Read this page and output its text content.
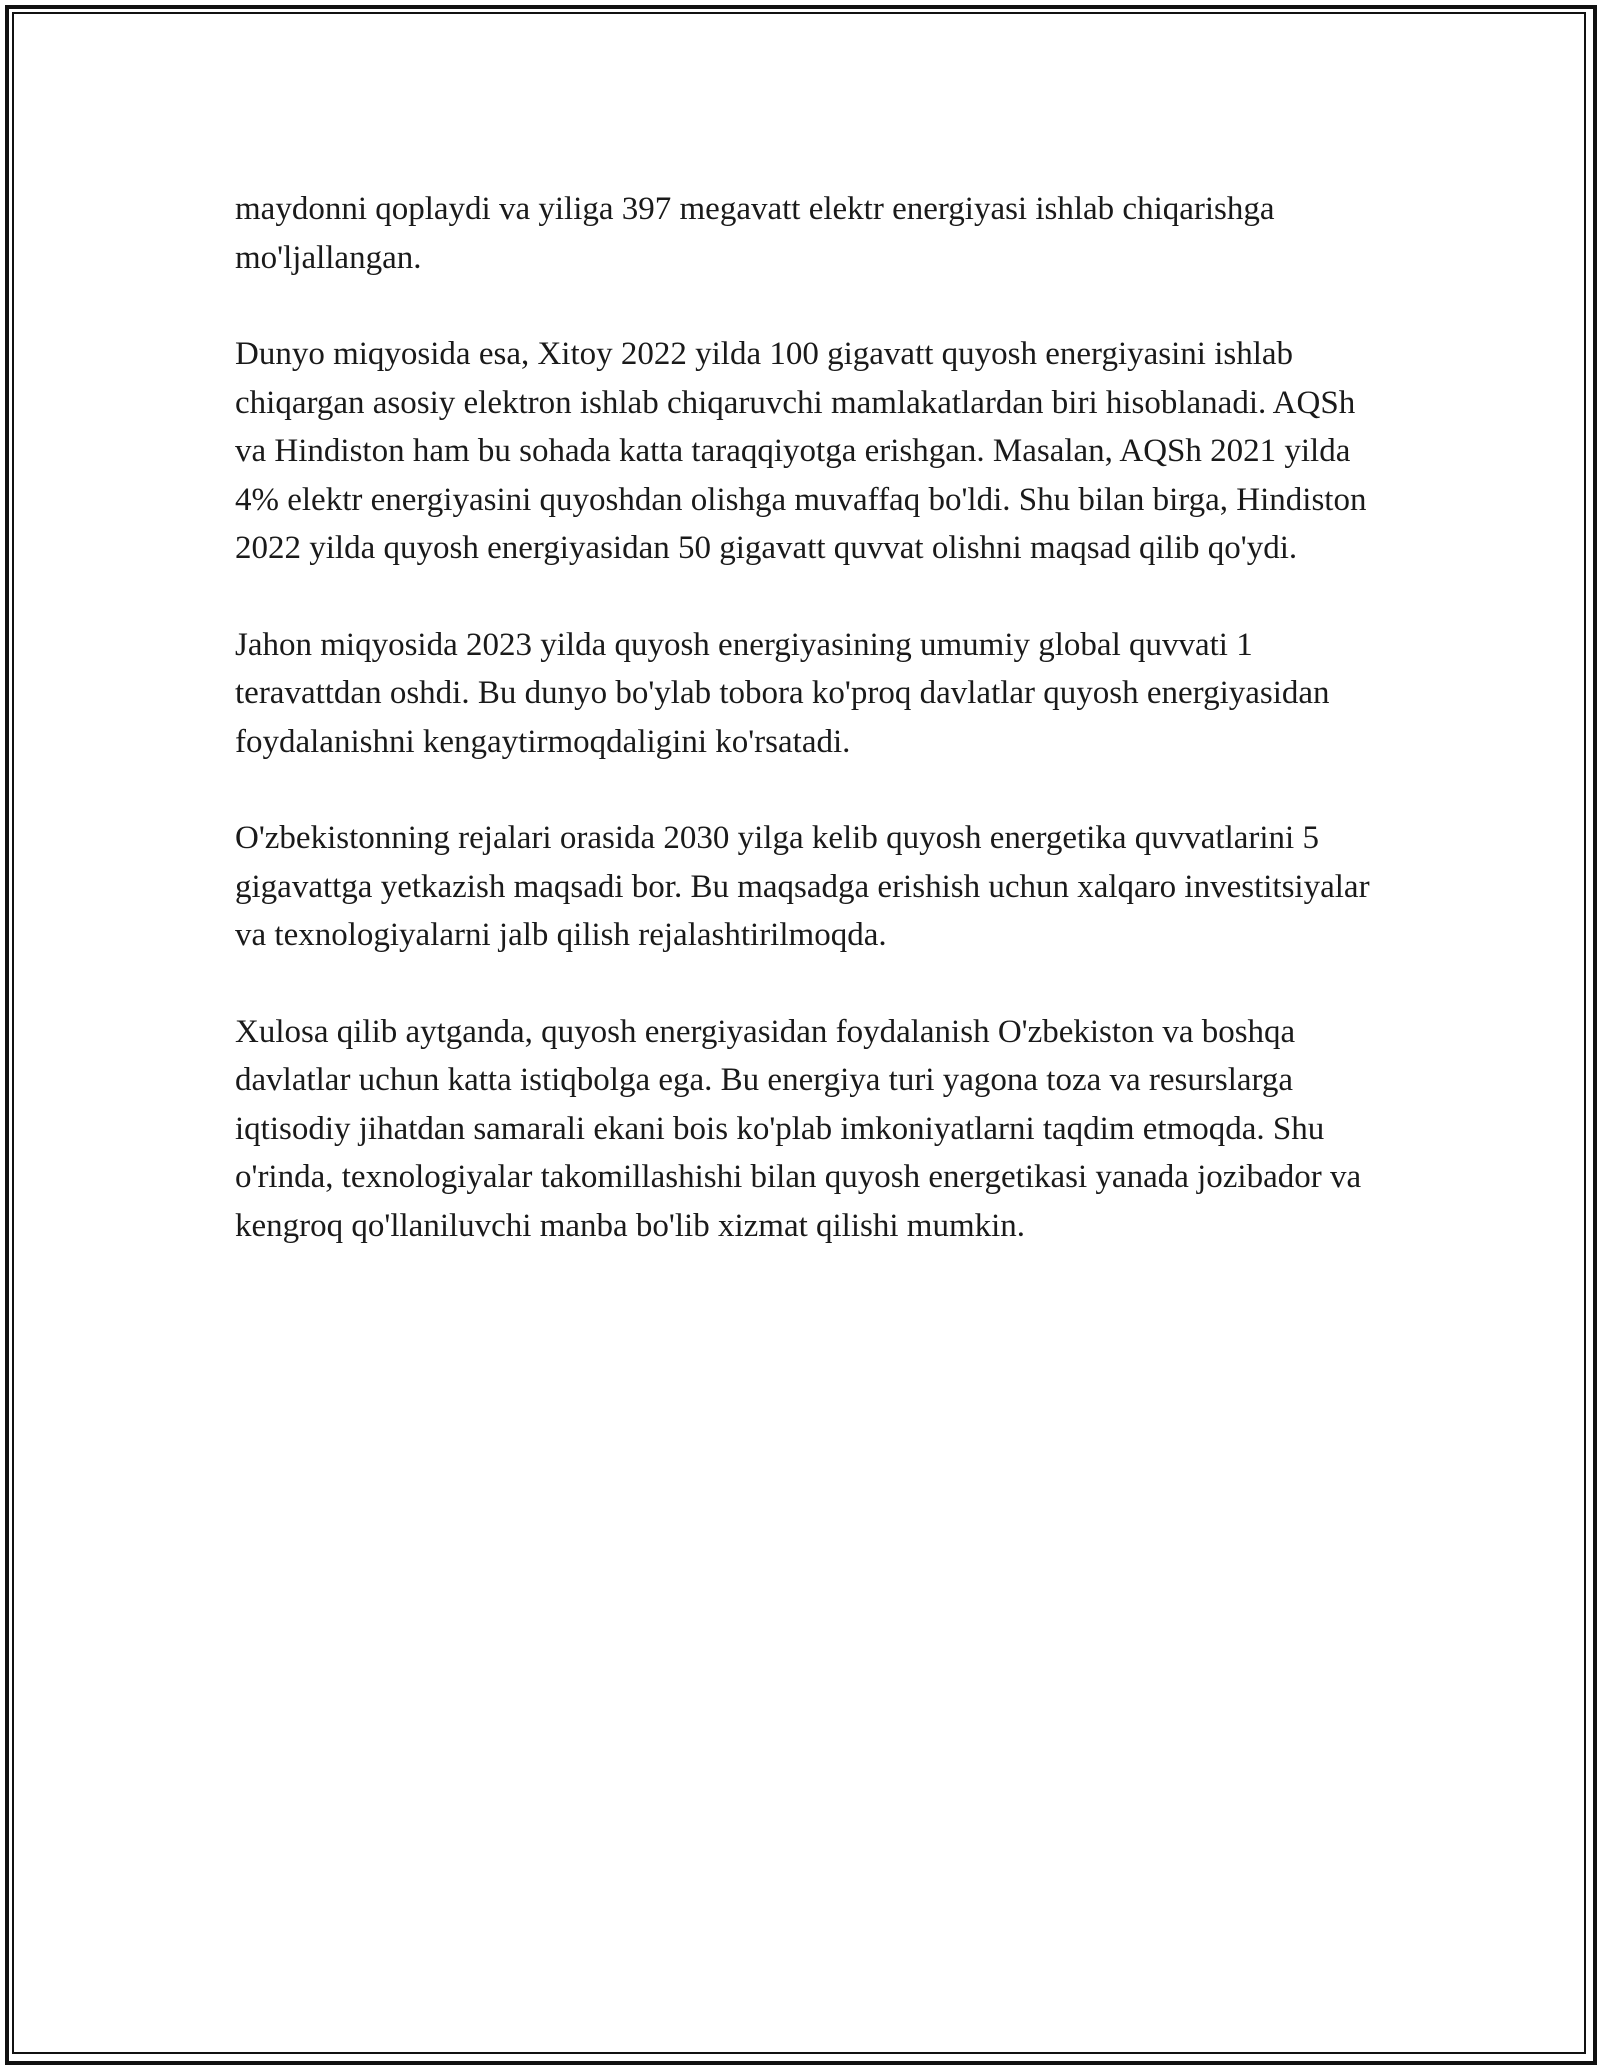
maydonni qoplaydi va yiliga 397 megavatt elektr energiyasi ishlab chiqarishga mo'ljallangan.

Dunyo miqyosida esa, Xitoy 2022 yilda 100 gigavatt quyosh energiyasini ishlab chiqargan asosiy elektron ishlab chiqaruvchi mamlakatlardan biri hisoblanadi. AQSh va Hindiston ham bu sohada katta taraqqiyotga erishgan. Masalan, AQSh 2021 yilda 4% elektr energiyasini quyoshdan olishga muvaffaq bo'ldi. Shu bilan birga, Hindiston 2022 yilda quyosh energiyasidan 50 gigavatt quvvat olishni maqsad qilib qo'ydi.

Jahon miqyosida 2023 yilda quyosh energiyasining umumiy global quvvati 1 teravattdan oshdi. Bu dunyo bo'ylab tobora ko'proq davlatlar quyosh energiyasidan foydalanishni kengaytirmoqdaligini ko'rsatadi.

O'zbekistonning rejalari orasida 2030 yilga kelib quyosh energetika quvvatlarini 5 gigavattga yetkazish maqsadi bor. Bu maqsadga erishish uchun xalqaro investitsiyalar va texnologiyalarni jalb qilish rejalashtirilmoqda.

Xulosa qilib aytganda, quyosh energiyasidan foydalanish O'zbekiston va boshqa davlatlar uchun katta istiqbolga ega. Bu energiya turi yagona toza va resurslarga iqtisodiy jihatdan samarali ekani bois ko'plab imkoniyatlarni taqdim etmoqda. Shu o'rinda, texnologiyalar takomillashishi bilan quyosh energetikasi yanada jozibador va kengroq qo'llaniluvchi manba bo'lib xizmat qilishi mumkin.
